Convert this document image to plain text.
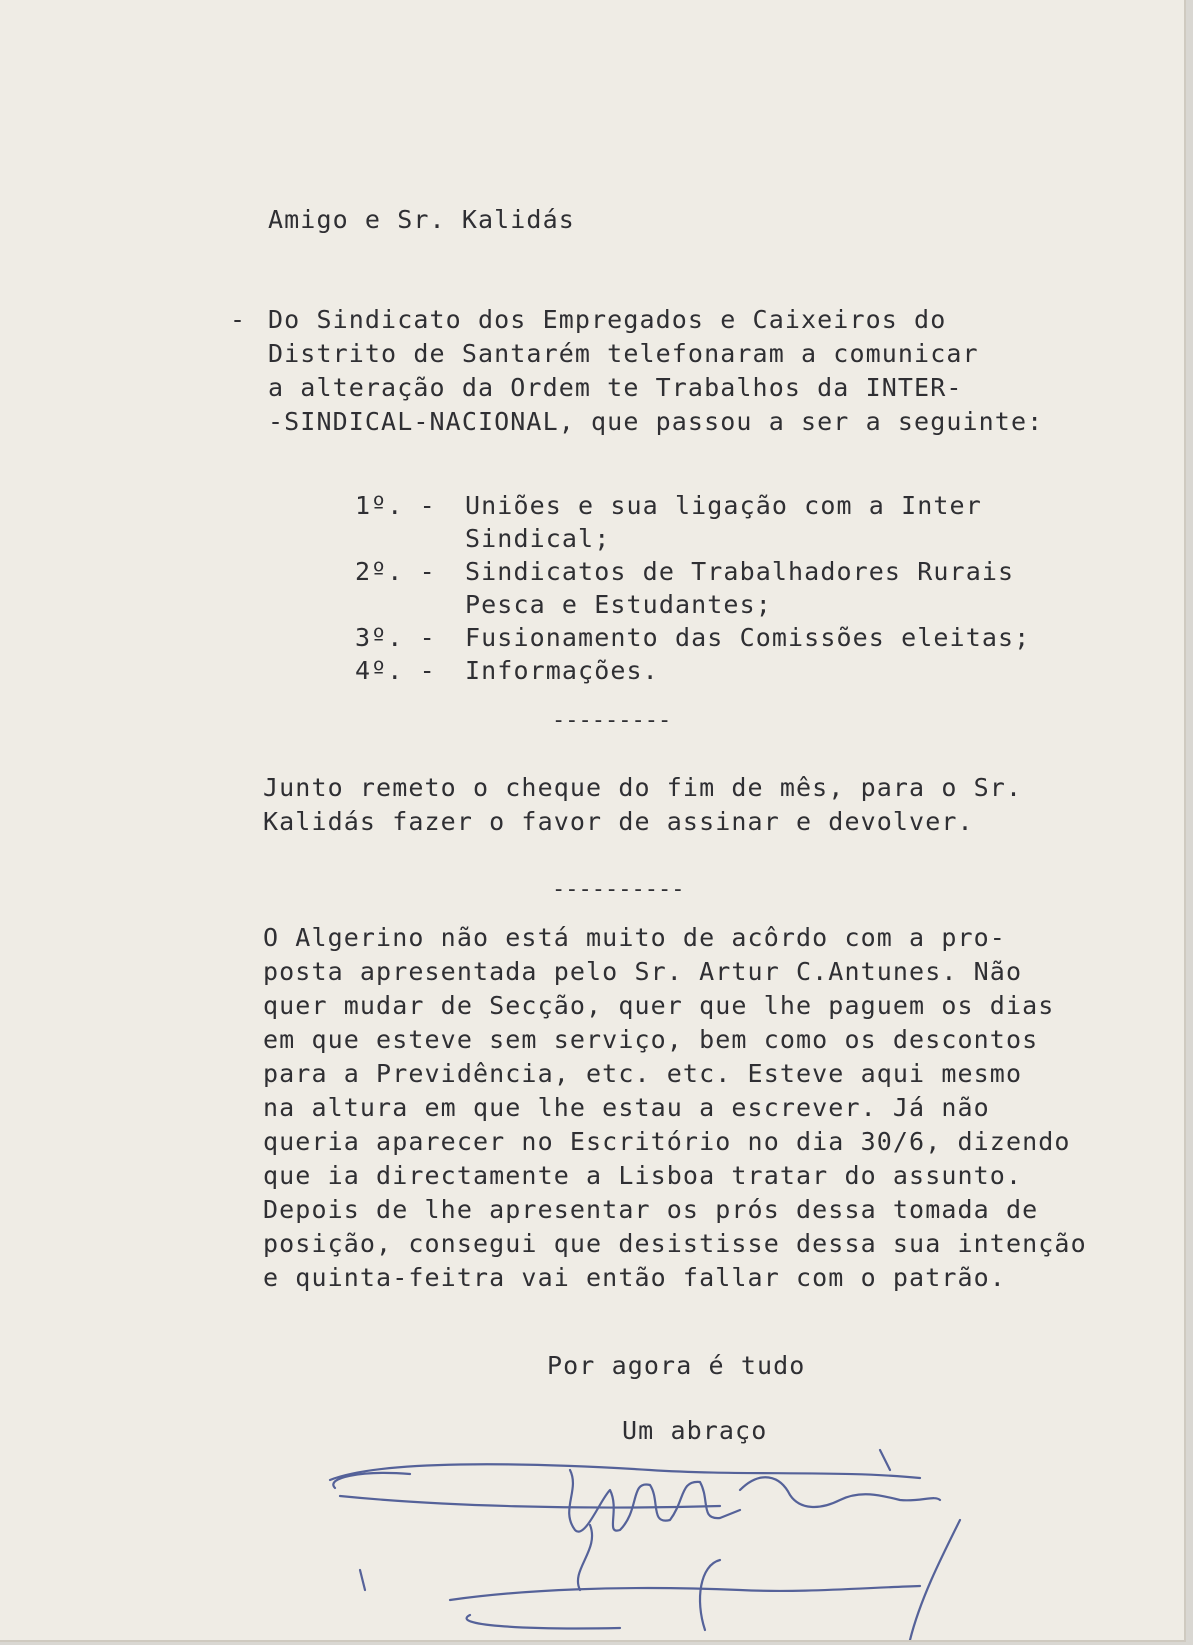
Amigo e Sr. Kalidás
- Do Sindicato dos Empregados e Caixeiros do
Distrito de Santarém telefonaram a comunicar
a alteração da Ordem te Trabalhos da INTER-
-SINDICAL-NACIONAL, que passou a ser a seguinte:
1º. - Uniões e sua ligação com a Inter
Sindical;
2º. - Sindicatos de Trabalhadores Rurais
Pesca e Estudantes;
3º. - Fusionamento das Comissões eleitas;
4º. - Informações.
---------
Junto remeto o cheque do fim de mês, para o Sr.
Kalidás fazer o favor de assinar e devolver.
----------
O Algerino não está muito de acôrdo com a pro-
posta apresentada pelo Sr. Artur C.Antunes. Não
quer mudar de Secção, quer que lhe paguem os dias
em que esteve sem serviço, bem como os descontos
para a Previdência, etc. etc. Esteve aqui mesmo
na altura em que lhe estau a escrever. Já não
queria aparecer no Escritório no dia 30/6, dizendo
que ia directamente a Lisboa tratar do assunto.
Depois de lhe apresentar os prós dessa tomada de
posição, consegui que desistisse dessa sua intenção
e quinta-feitra vai então fallar com o patrão.
Por agora é tudo
Um abraço
